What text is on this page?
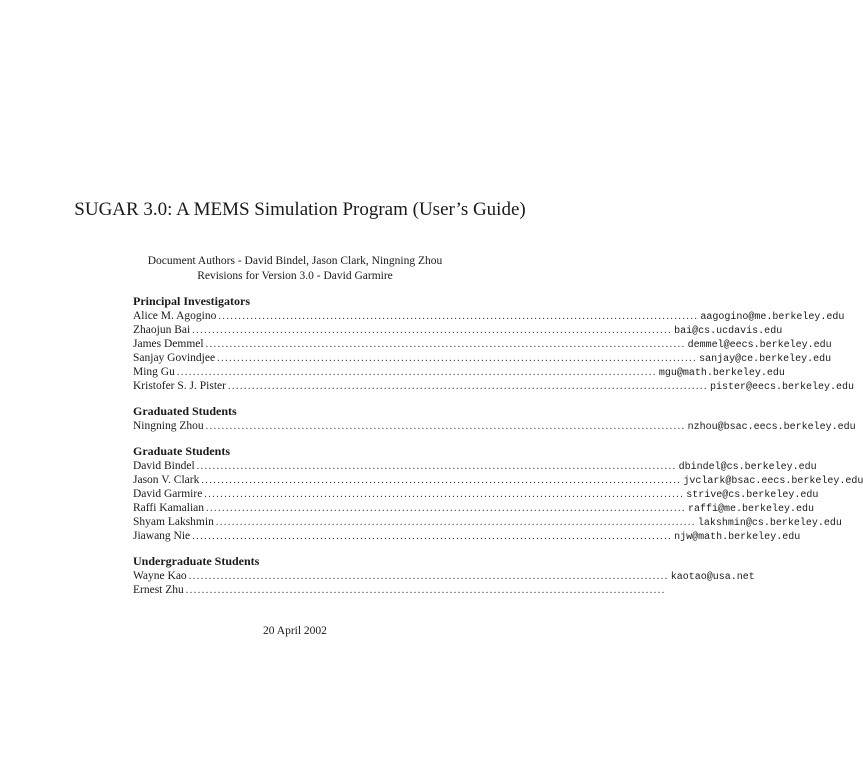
SUGAR 3.0: A MEMS Simulation Program (User’s Guide)
Document Authors - David Bindel, Jason Clark, Ningning Zhou
Revisions for Version 3.0 - David Garmire
Principal Investigators
Alice M. Agogino ........................................................................................................................ aagogino@me.berkeley.edu
Zhaojun Bai ........................................................................................................................ bai@cs.ucdavis.edu
James Demmel ........................................................................................................................ demmel@eecs.berkeley.edu
Sanjay Govindjee ........................................................................................................................ sanjay@ce.berkeley.edu
Ming Gu ........................................................................................................................ mgu@math.berkeley.edu
Kristofer S. J. Pister ........................................................................................................................ pister@eecs.berkeley.edu
Graduated Students
Ningning Zhou ........................................................................................................................ nzhou@bsac.eecs.berkeley.edu
Graduate Students
David Bindel ........................................................................................................................ dbindel@cs.berkeley.edu
Jason V. Clark ........................................................................................................................ jvclark@bsac.eecs.berkeley.edu
David Garmire ........................................................................................................................ strive@cs.berkeley.edu
Raffi Kamalian ........................................................................................................................ raffi@me.berkeley.edu
Shyam Lakshmin ........................................................................................................................ lakshmin@cs.berkeley.edu
Jiawang Nie ........................................................................................................................ njw@math.berkeley.edu
Undergraduate Students
Wayne Kao ........................................................................................................................ kaotao@usa.net
Ernest Zhu ........................................................................................................................
20 April 2002
